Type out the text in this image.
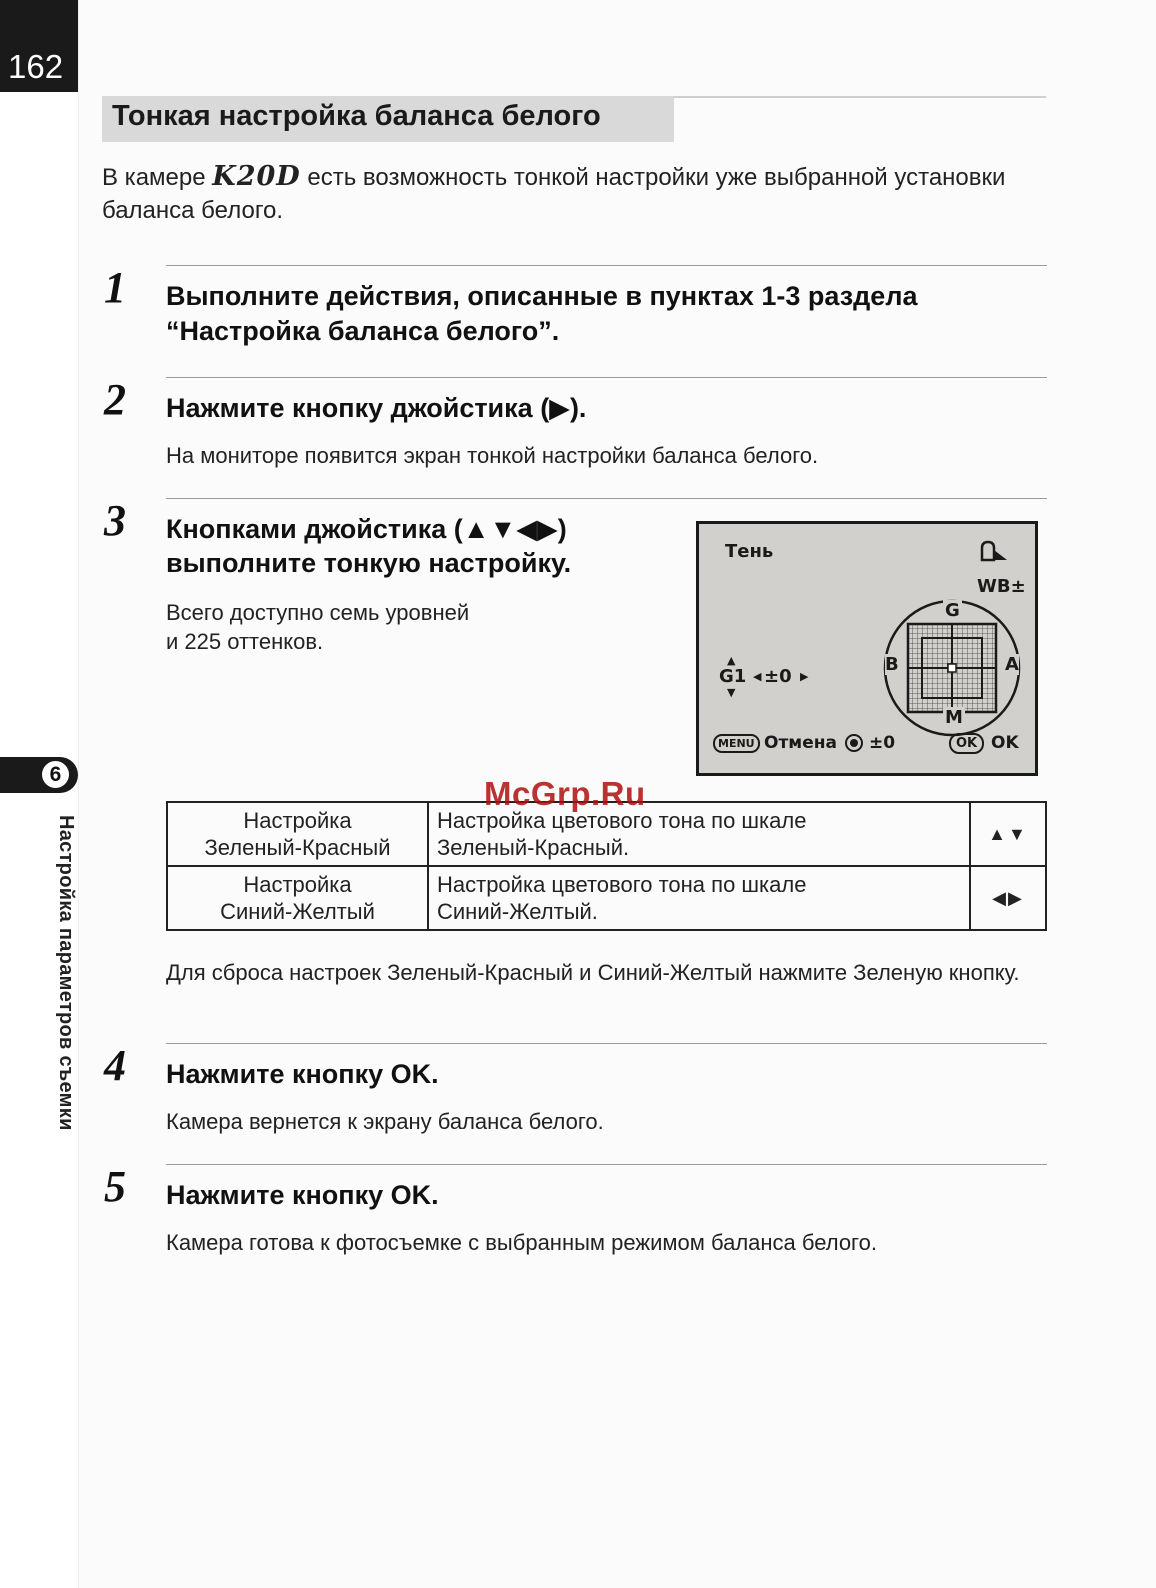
162
6
Настройка параметров съемки
Тонкая настройка баланса белого
В камере K20D есть возможность тонкой настройки уже выбранной установки баланса белого.
1 Выполните действия, описанные в пунктах 1-3 раздела “Настройка баланса белого”.
2 Нажмите кнопку джойстика (▶).
На мониторе появится экран тонкой настройки баланса белого.
3 Кнопками джойстика (▲▼◀▶)
выполните тонкую настройку.
Всего доступно семь уровней
и 225 оттенков.
Тень
WB±
G
M
B	A
▲
G1
▼
◀ ±0 ▶
MENU Отмена ±0	OK OK
Настройка
Зеленый-Красный	Настройка цветового тона по шкале
Зеленый-Красный.	▲▼
Настройка
Синий-Желтый	Настройка цветового тона по шкале
Синий-Желтый.	◀▶
McGrp.Ru
Для сброса настроек Зеленый-Красный и Синий-Желтый нажмите Зеленую кнопку.
4 Нажмите кнопку OK.
Камера вернется к экрану баланса белого.
5 Нажмите кнопку OK.
Камера готова к фотосъемке с выбранным режимом баланса белого.
